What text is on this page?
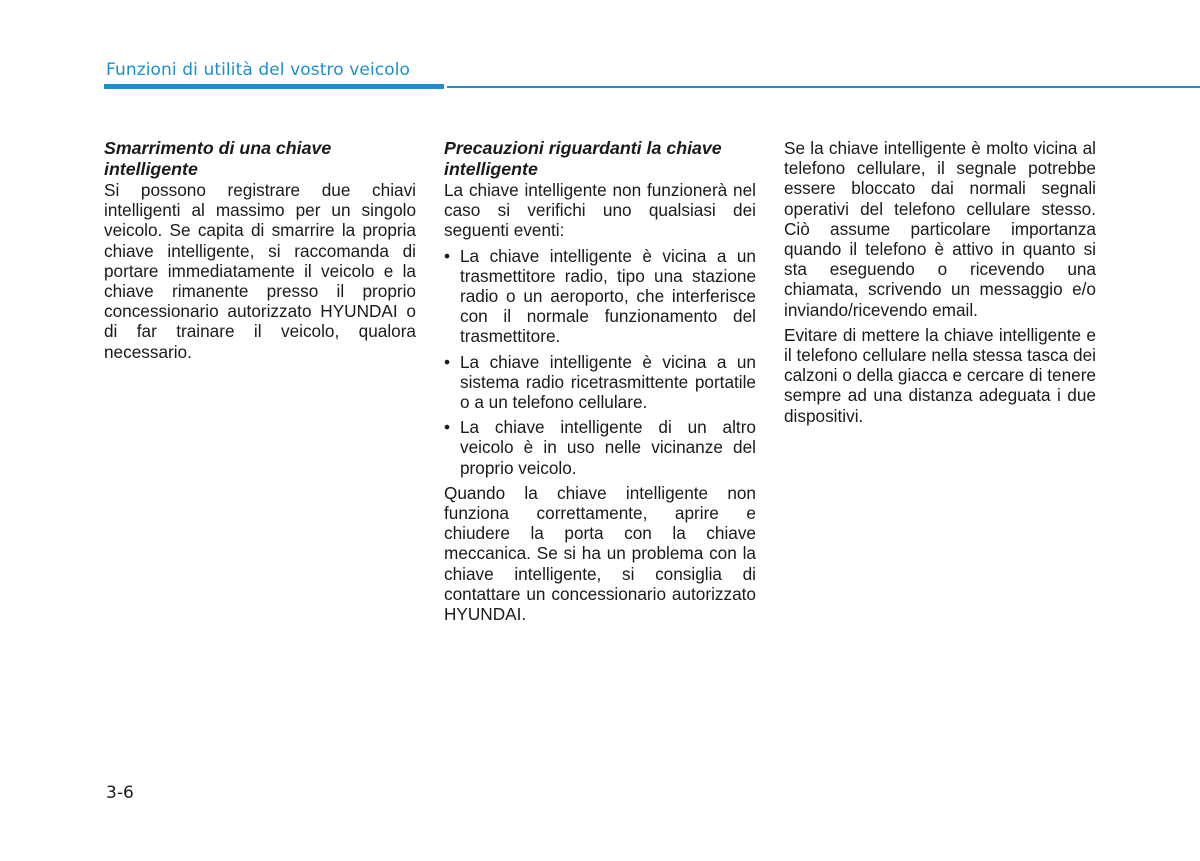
Funzioni di utilità del vostro veicolo
Smarrimento di una chiave intelligente
Si possono registrare due chiavi intelligenti al massimo per un singolo veicolo. Se capita di smarrire la propria chiave intelligente, si raccomanda di portare immediatamente il veicolo e la chiave rimanente presso il proprio concessionario autorizzato HYUNDAI o di far trainare il veicolo, qualora necessario.
Precauzioni riguardanti la chiave intelligente
La chiave intelligente non funzionerà nel caso si verifichi uno qualsiasi dei seguenti eventi:
• La chiave intelligente è vicina a un trasmettitore radio, tipo una stazione radio o un aeroporto, che interferisce con il normale funzionamento del trasmettitore.
• La chiave intelligente è vicina a un sistema radio ricetrasmittente portatile o a un telefono cellulare.
• La chiave intelligente di un altro veicolo è in uso nelle vicinanze del proprio veicolo.
Quando la chiave intelligente non funziona correttamente, aprire e chiudere la porta con la chiave meccanica. Se si ha un problema con la chiave intelligente, si consiglia di contattare un concessionario autorizzato HYUNDAI.
Se la chiave intelligente è molto vicina al telefono cellulare, il segnale potrebbe essere bloccato dai normali segnali operativi del telefono cellulare stesso. Ciò assume particolare importanza quando il telefono è attivo in quanto si sta eseguendo o ricevendo una chiamata, scrivendo un messaggio e/o inviando/ricevendo email.
Evitare di mettere la chiave intelligente e il telefono cellulare nella stessa tasca dei calzoni o della giacca e cercare di tenere sempre ad una distanza adeguata i due dispositivi.
3-6
